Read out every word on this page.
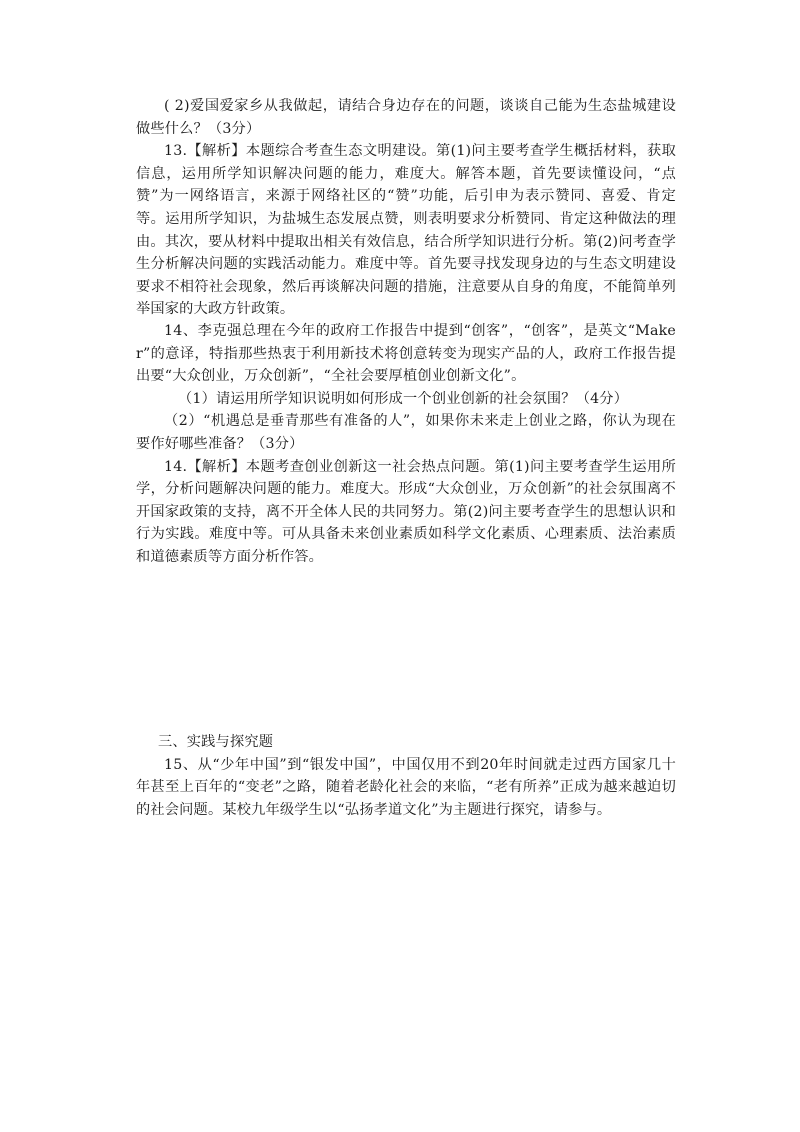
( 2)爱国爱家乡从我做起，请结合身边存在的问题，谈谈自己能为生态盐城建设做些什么？（3分）

13.【解析】本题综合考查生态文明建设。第(1)问主要考查学生概括材料，获取信息，运用所学知识解决问题的能力，难度大。解答本题，首先要读懂设问，“点赞”为一网络语言，来源于网络社区的“赞”功能，后引申为表示赞同、喜爱、肯定等。运用所学知识，为盐城生态发展点赞，则表明要求分析赞同、肯定这种做法的理由。其次，要从材料中提取出相关有效信息，结合所学知识进行分析。第(2)问考查学生分析解决问题的实践活动能力。难度中等。首先要寻找发现身边的与生态文明建设要求不相符社会现象，然后再谈解决问题的措施，注意要从自身的角度，不能简单列举国家的大政方针政策。

14、李克强总理在今年的政府工作报告中提到“创客”，“创客”，是英文“Maker”的意译，特指那些热衷于利用新技术将创意转变为现实产品的人，政府工作报告提出要“大众创业，万众创新”，“全社会要厚植创业创新文化”。

（1）请运用所学知识说明如何形成一个创业创新的社会氛围？（4分）

（2）“机遇总是垂青那些有准备的人”，如果你未来走上创业之路，你认为现在要作好哪些准备？（3分）

14.【解析】本题考查创业创新这一社会热点问题。第(1)问主要考查学生运用所学，分析问题解决问题的能力。难度大。形成“大众创业，万众创新”的社会氛围离不开国家政策的支持，离不开全体人民的共同努力。第(2)问主要考查学生的思想认识和行为实践。难度中等。可从具备未来创业素质如科学文化素质、心理素质、法治素质和道德素质等方面分析作答。

三、实践与探究题

15、从“少年中国”到“银发中国”，中国仅用不到20年时间就走过西方国家几十年甚至上百年的“变老”之路，随着老龄化社会的来临，“老有所养”正成为越来越迫切的社会问题。某校九年级学生以“弘扬孝道文化”为主题进行探究，请参与。
